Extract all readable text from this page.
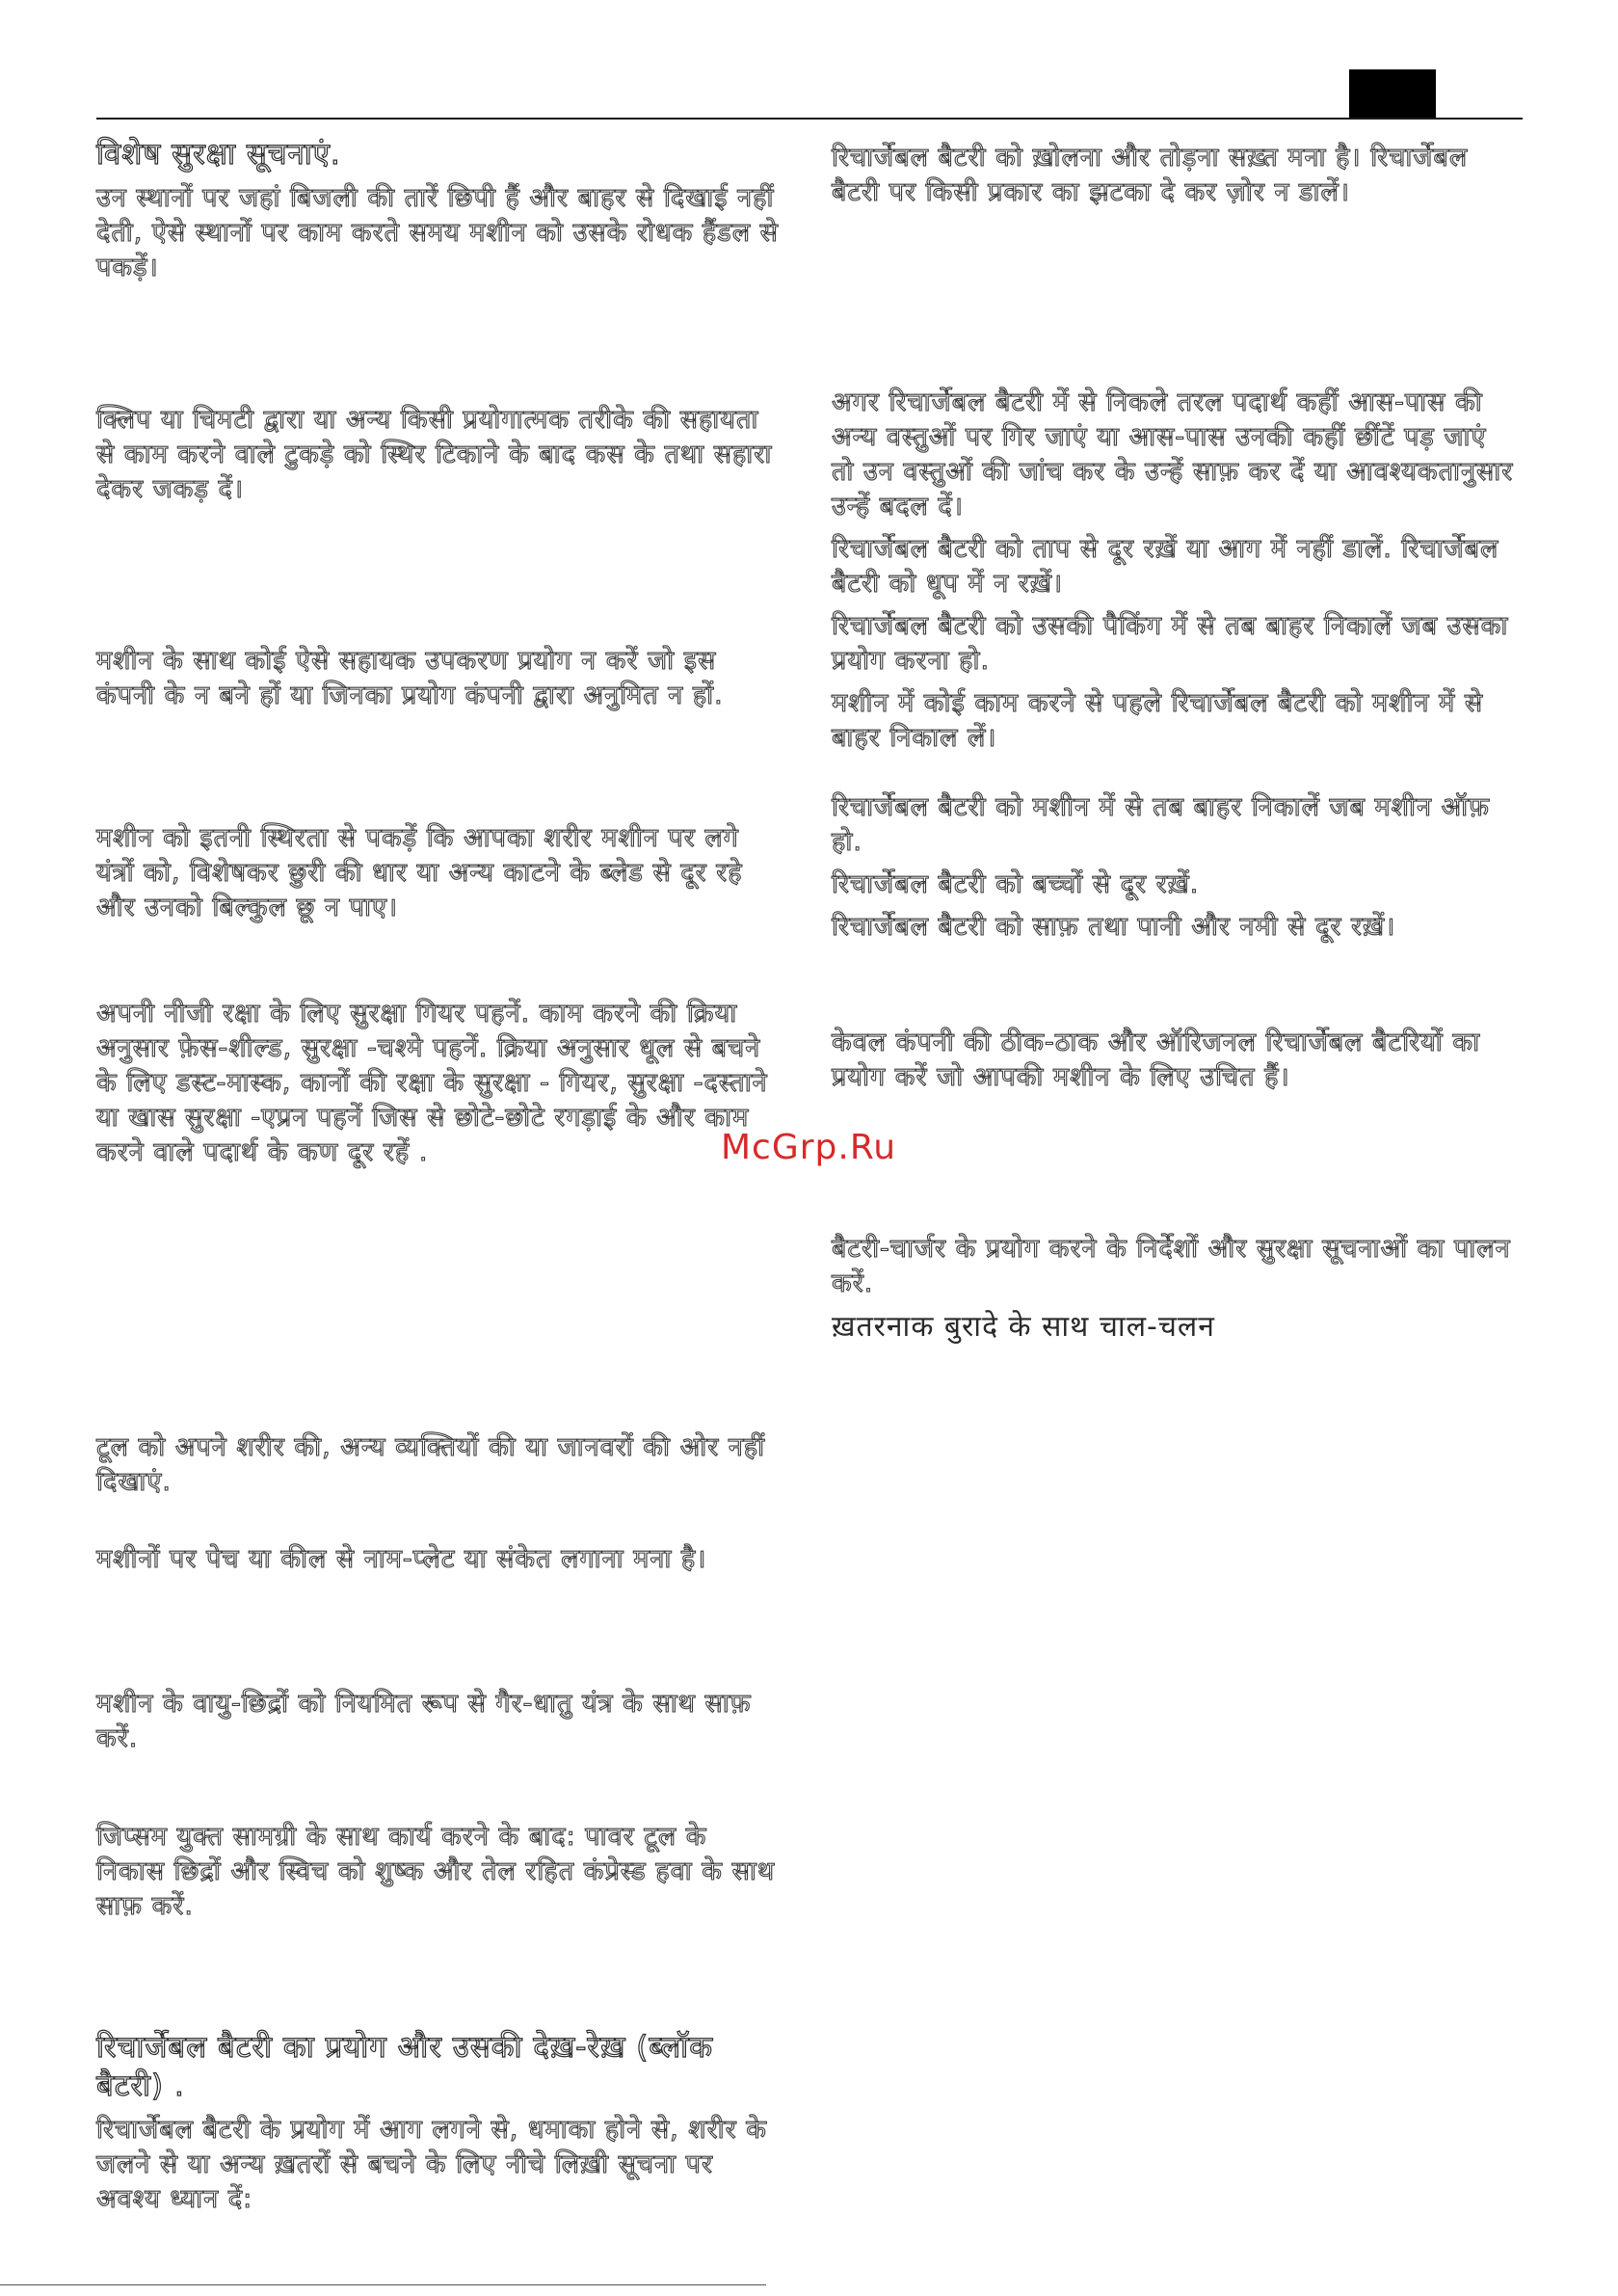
विशेष सुरक्षा सूचनाएं.

उन स्थानों पर जहां बिजली की तारें छिपी हैं और बाहर से दिखाई नहीं देती, ऐसे स्थानों पर काम करते समय मशीन को उसके रोधक हैंडल से पकड़ें।

क्लिप या चिमटी द्वारा या अन्य किसी प्रयोगात्मक तरीके की सहायता से काम करने वाले टुकड़े को स्थिर टिकाने के बाद कस के तथा सहारा देकर जकड़ दें।

मशीन के साथ कोई ऐसे सहायक उपकरण प्रयोग न करें जो इस कंपनी के न बने हों या जिनका प्रयोग कंपनी द्वारा अनुमित न हों.

मशीन को इतनी स्थिरता से पकड़ें कि आपका शरीर मशीन पर लगे यंत्रों को, विशेषकर छुरी की धार या अन्य काटने के ब्लेड से दूर रहे और उनको बिल्कुल छू न पाए।

अपनी नीजी रक्षा के लिए सुरक्षा गियर पहनें. काम करने की क्रिया अनुसार फ़ेस-शील्ड, सुरक्षा -चश्मे पहनें. क्रिया अनुसार धूल से बचने के लिए डस्ट-मास्क, कानों की रक्षा के सुरक्षा - गियर, सुरक्षा -दस्ताने या खास सुरक्षा -एप्रन पहनें जिस से छोटे-छोटे रगड़ाई के और काम करने वाले पदार्थ के कण दूर रहें .

टूल को अपने शरीर की, अन्य व्यक्तियों की या जानवरों की ओर नहीं दिखाएं.

मशीनों पर पेच या कील से नाम-प्लेट या संकेत लगाना मना है।

मशीन के वायु-छिद्रों को नियमित रूप से गैर-धातु यंत्र के साथ साफ़ करें.

जिप्सम युक्त सामग्री के साथ कार्य करने के बाद: पावर टूल के निकास छिद्रों और स्विच को शुष्क और तेल रहित कंप्रेस्ड हवा के साथ साफ़ करें.

रिचार्जेबल बैटरी का प्रयोग और उसकी देख़-रेख़ (ब्लॉक बैटरी) .

रिचार्जेबल बैटरी के प्रयोग में आग लगने से, धमाका होने से, शरीर के जलने से या अन्य ख़तरों से बचने के लिए नीचे लिख़ी सूचना पर अवश्य ध्यान दें:

रिचार्जेबल बैटरी को ख़ोलना और तोड़ना सख़्त मना है। रिचार्जेबल बैटरी पर किसी प्रकार का झटका दे कर ज़ोर न डालें।

अगर रिचार्जेबल बैटरी में से निकले तरल पदार्थ कहीं आस-पास की अन्य वस्तुओं पर गिर जाएं या आस-पास उनकी कहीं छींटें पड़ जाएं तो उन वस्तुओं की जांच कर के उन्हें साफ़ कर दें या आवश्यकतानुसार उन्हें बदल दें।

रिचार्जेबल बैटरी को ताप से दूर रख़ें या आग में नहीं डालें. रिचार्जेबल बैटरी को धूप में न रख़ें।

रिचार्जेबल बैटरी को उसकी पैकिंग में से तब बाहर निकालें जब उसका प्रयोग करना हो.

मशीन में कोई काम करने से पहले रिचार्जेबल बैटरी को मशीन में से बाहर निकाल लें।

रिचार्जेबल बैटरी को मशीन में से तब बाहर निकालें जब मशीन ऑफ़ हो.

रिचार्जेबल बैटरी को बच्चों से दूर रख़ें.

रिचार्जेबल बैटरी को साफ़ तथा पानी और नमी से दूर रख़ें।

केवल कंपनी की ठीक-ठाक और ऑरिजनल रिचार्जेबल बैटरियों का प्रयोग करें जो आपकी मशीन के लिए उचित हैं।

बैटरी-चार्जर के प्रयोग करने के निर्देशों और सुरक्षा सूचनाओं का पालन करें.

ख़तरनाक बुरादे के साथ चाल-चलन

McGrp.Ru
